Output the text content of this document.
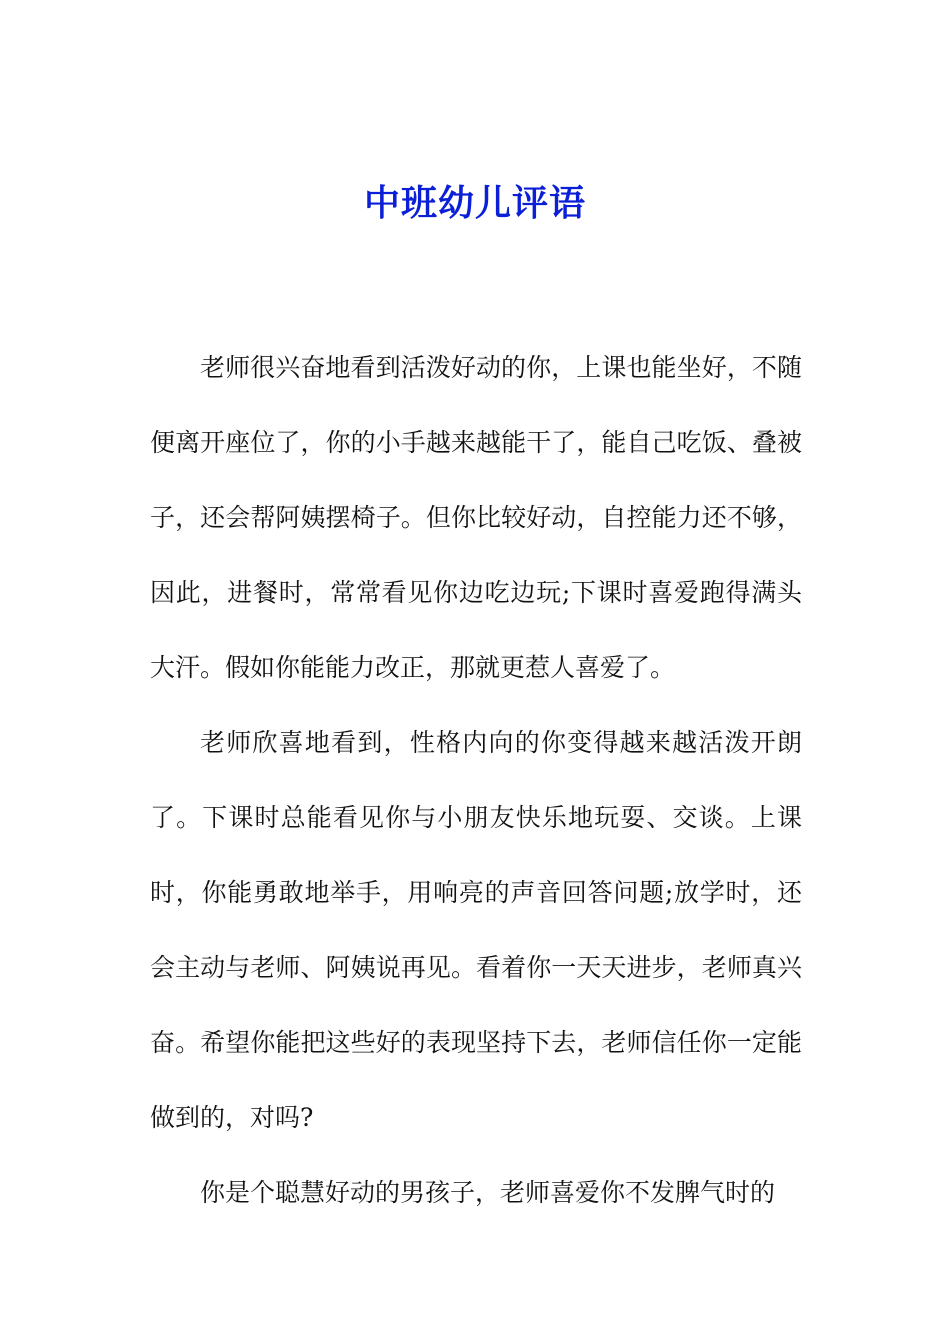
中班幼儿评语

老师很兴奋地看到活泼好动的你，上课也能坐好，不随便离开座位了，你的小手越来越能干了，能自己吃饭、叠被子，还会帮阿姨摆椅子。但你比较好动，自控能力还不够，因此，进餐时，常常看见你边吃边玩;下课时喜爱跑得满头大汗。假如你能能力改正，那就更惹人喜爱了。

老师欣喜地看到，性格内向的你变得越来越活泼开朗了。下课时总能看见你与小朋友快乐地玩耍、交谈。上课时，你能勇敢地举手，用响亮的声音回答问题;放学时，还会主动与老师、阿姨说再见。看着你一天天进步，老师真兴奋。希望你能把这些好的表现坚持下去，老师信任你一定能做到的，对吗?

你是个聪慧好动的男孩子，老师喜爱你不发脾气时的
